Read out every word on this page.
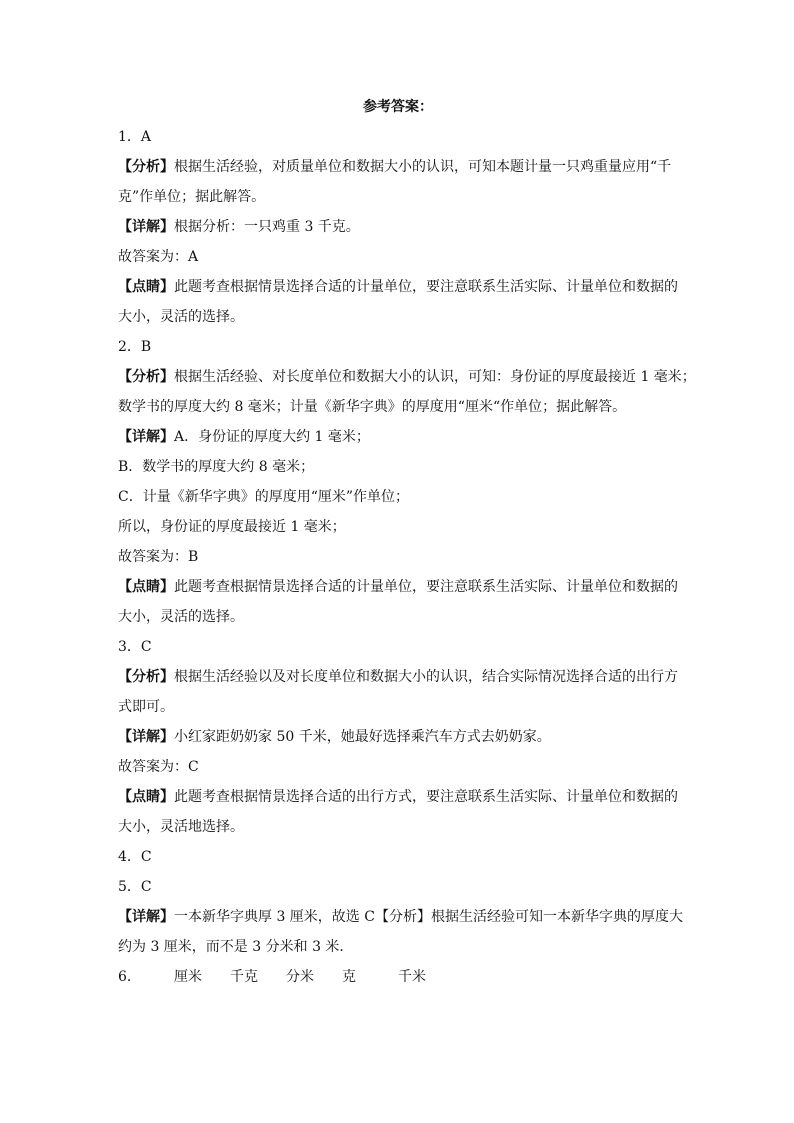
参考答案：
1．A
【分析】根据生活经验，对质量单位和数据大小的认识，可知本题计量一只鸡重量应用“千
克”作单位；据此解答。
【详解】根据分析：一只鸡重 3 千克。
故答案为：A
【点睛】此题考查根据情景选择合适的计量单位，要注意联系生活实际、计量单位和数据的
大小，灵活的选择。
2．B
【分析】根据生活经验、对长度单位和数据大小的认识，可知：身份证的厚度最接近 1 毫米；
数学书的厚度大约 8 毫米；计量《新华字典》的厚度用“厘米“作单位；据此解答。
【详解】A．身份证的厚度大约 1 毫米；
B．数学书的厚度大约 8 毫米；
C．计量《新华字典》的厚度用“厘米”作单位；
所以，身份证的厚度最接近 1 毫米；
故答案为：B
【点睛】此题考查根据情景选择合适的计量单位，要注意联系生活实际、计量单位和数据的
大小，灵活的选择。
3．C
【分析】根据生活经验以及对长度单位和数据大小的认识，结合实际情况选择合适的出行方
式即可。
【详解】小红家距奶奶家 50 千米，她最好选择乘汽车方式去奶奶家。
故答案为：C
【点睛】此题考查根据情景选择合适的出行方式，要注意联系生活实际、计量单位和数据的
大小，灵活地选择。
4．C
5．C
【详解】一本新华字典厚 3 厘米，故选 C【分析】根据生活经验可知一本新华字典的厚度大
约为 3 厘米，而不是 3 分米和 3 米．
6．	厘米	千克	分米	克	千米
